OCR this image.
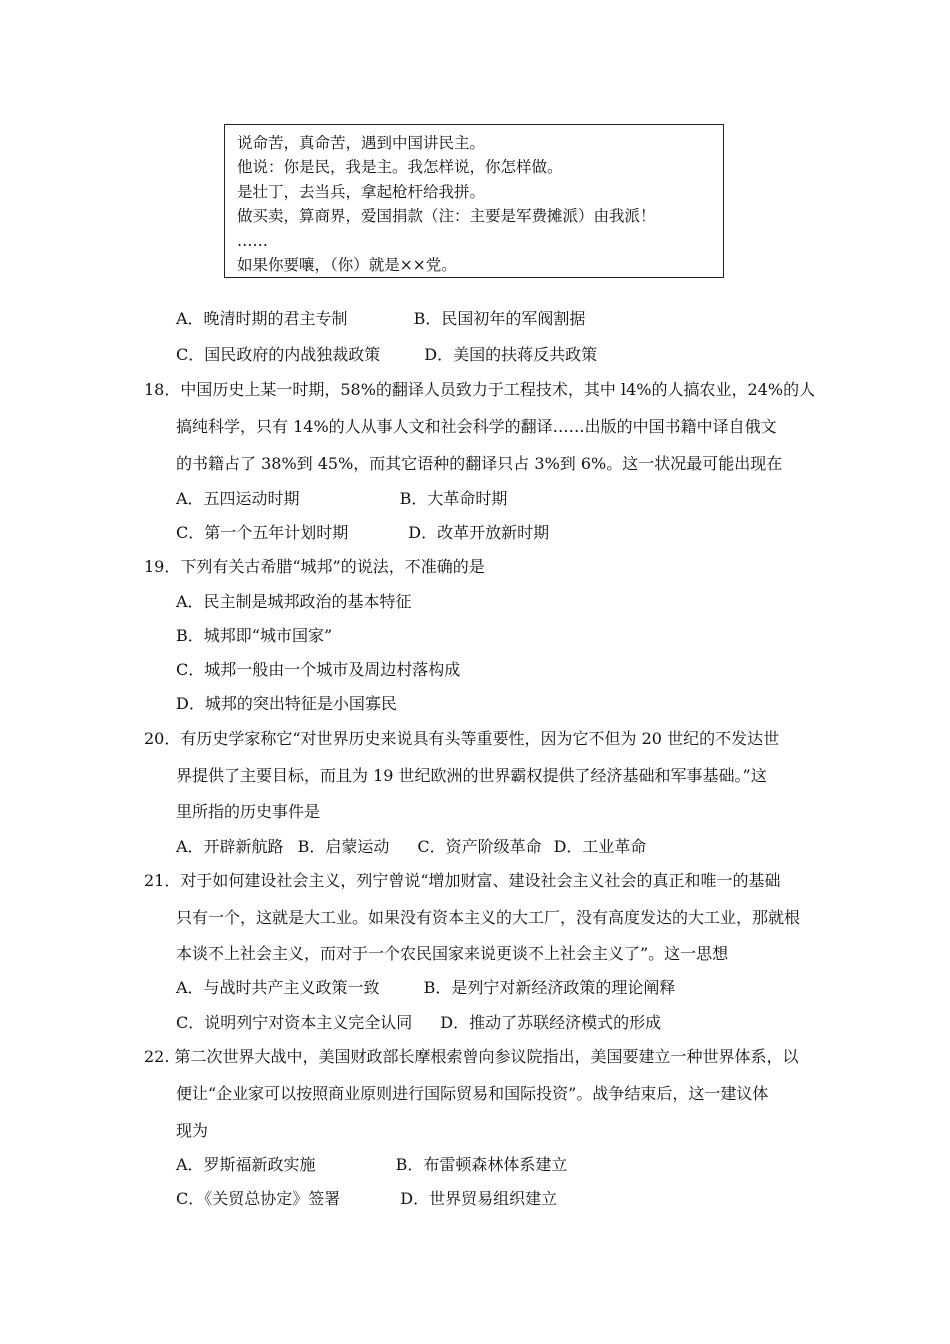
说命苦，真命苦，遇到中国讲民主。
他说：你是民，我是主。我怎样说，你怎样做。
是壮丁，去当兵，拿起枪杆给我拼。
做买卖，算商界，爱国捐款（注：主要是军费摊派）由我派！
……
如果你要嚷，（你）就是××党。
A．晚清时期的君主专制	B．民国初年的军阀割据
C．国民政府的内战独裁政策	D．美国的扶蒋反共政策
18．中国历史上某一时期，58%的翻译人员致力于工程技术，其中 l4%的人搞农业，24%的人
搞纯科学，只有 14%的人从事人文和社会科学的翻译……出版的中国书籍中译自俄文
的书籍占了 38%到 45%，而其它语种的翻译只占 3%到 6%。这一状况最可能出现在
A．五四运动时期	B．大革命时期
C．第一个五年计划时期	D．改革开放新时期
19．下列有关古希腊“城邦”的说法，不准确的是
A．民主制是城邦政治的基本特征
B．城邦即“城市国家”
C．城邦一般由一个城市及周边村落构成
D．城邦的突出特征是小国寡民
20．有历史学家称它“对世界历史来说具有头等重要性，因为它不但为 20 世纪的不发达世
界提供了主要目标，而且为 19 世纪欧洲的世界霸权提供了经济基础和军事基础。”这
里所指的历史事件是
A．开辟新航路 B．启蒙运动 C．资产阶级革命 D．工业革命
21．对于如何建设社会主义，列宁曾说“增加财富、建设社会主义社会的真正和唯一的基础
只有一个，这就是大工业。如果没有资本主义的大工厂，没有高度发达的大工业，那就根
本谈不上社会主义，而对于一个农民国家来说更谈不上社会主义了”。这一思想
A．与战时共产主义政策一致	B．是列宁对新经济政策的理论阐释
C．说明列宁对资本主义完全认同 D．推动了苏联经济模式的形成
22. 第二次世界大战中，美国财政部长摩根索曾向参议院指出，美国要建立一种世界体系，以
便让“企业家可以按照商业原则进行国际贸易和国际投资”。战争结束后，这一建议体
现为
A．罗斯福新政实施	B．布雷顿森林体系建立
C．《关贸总协定》签署	D．世界贸易组织建立
